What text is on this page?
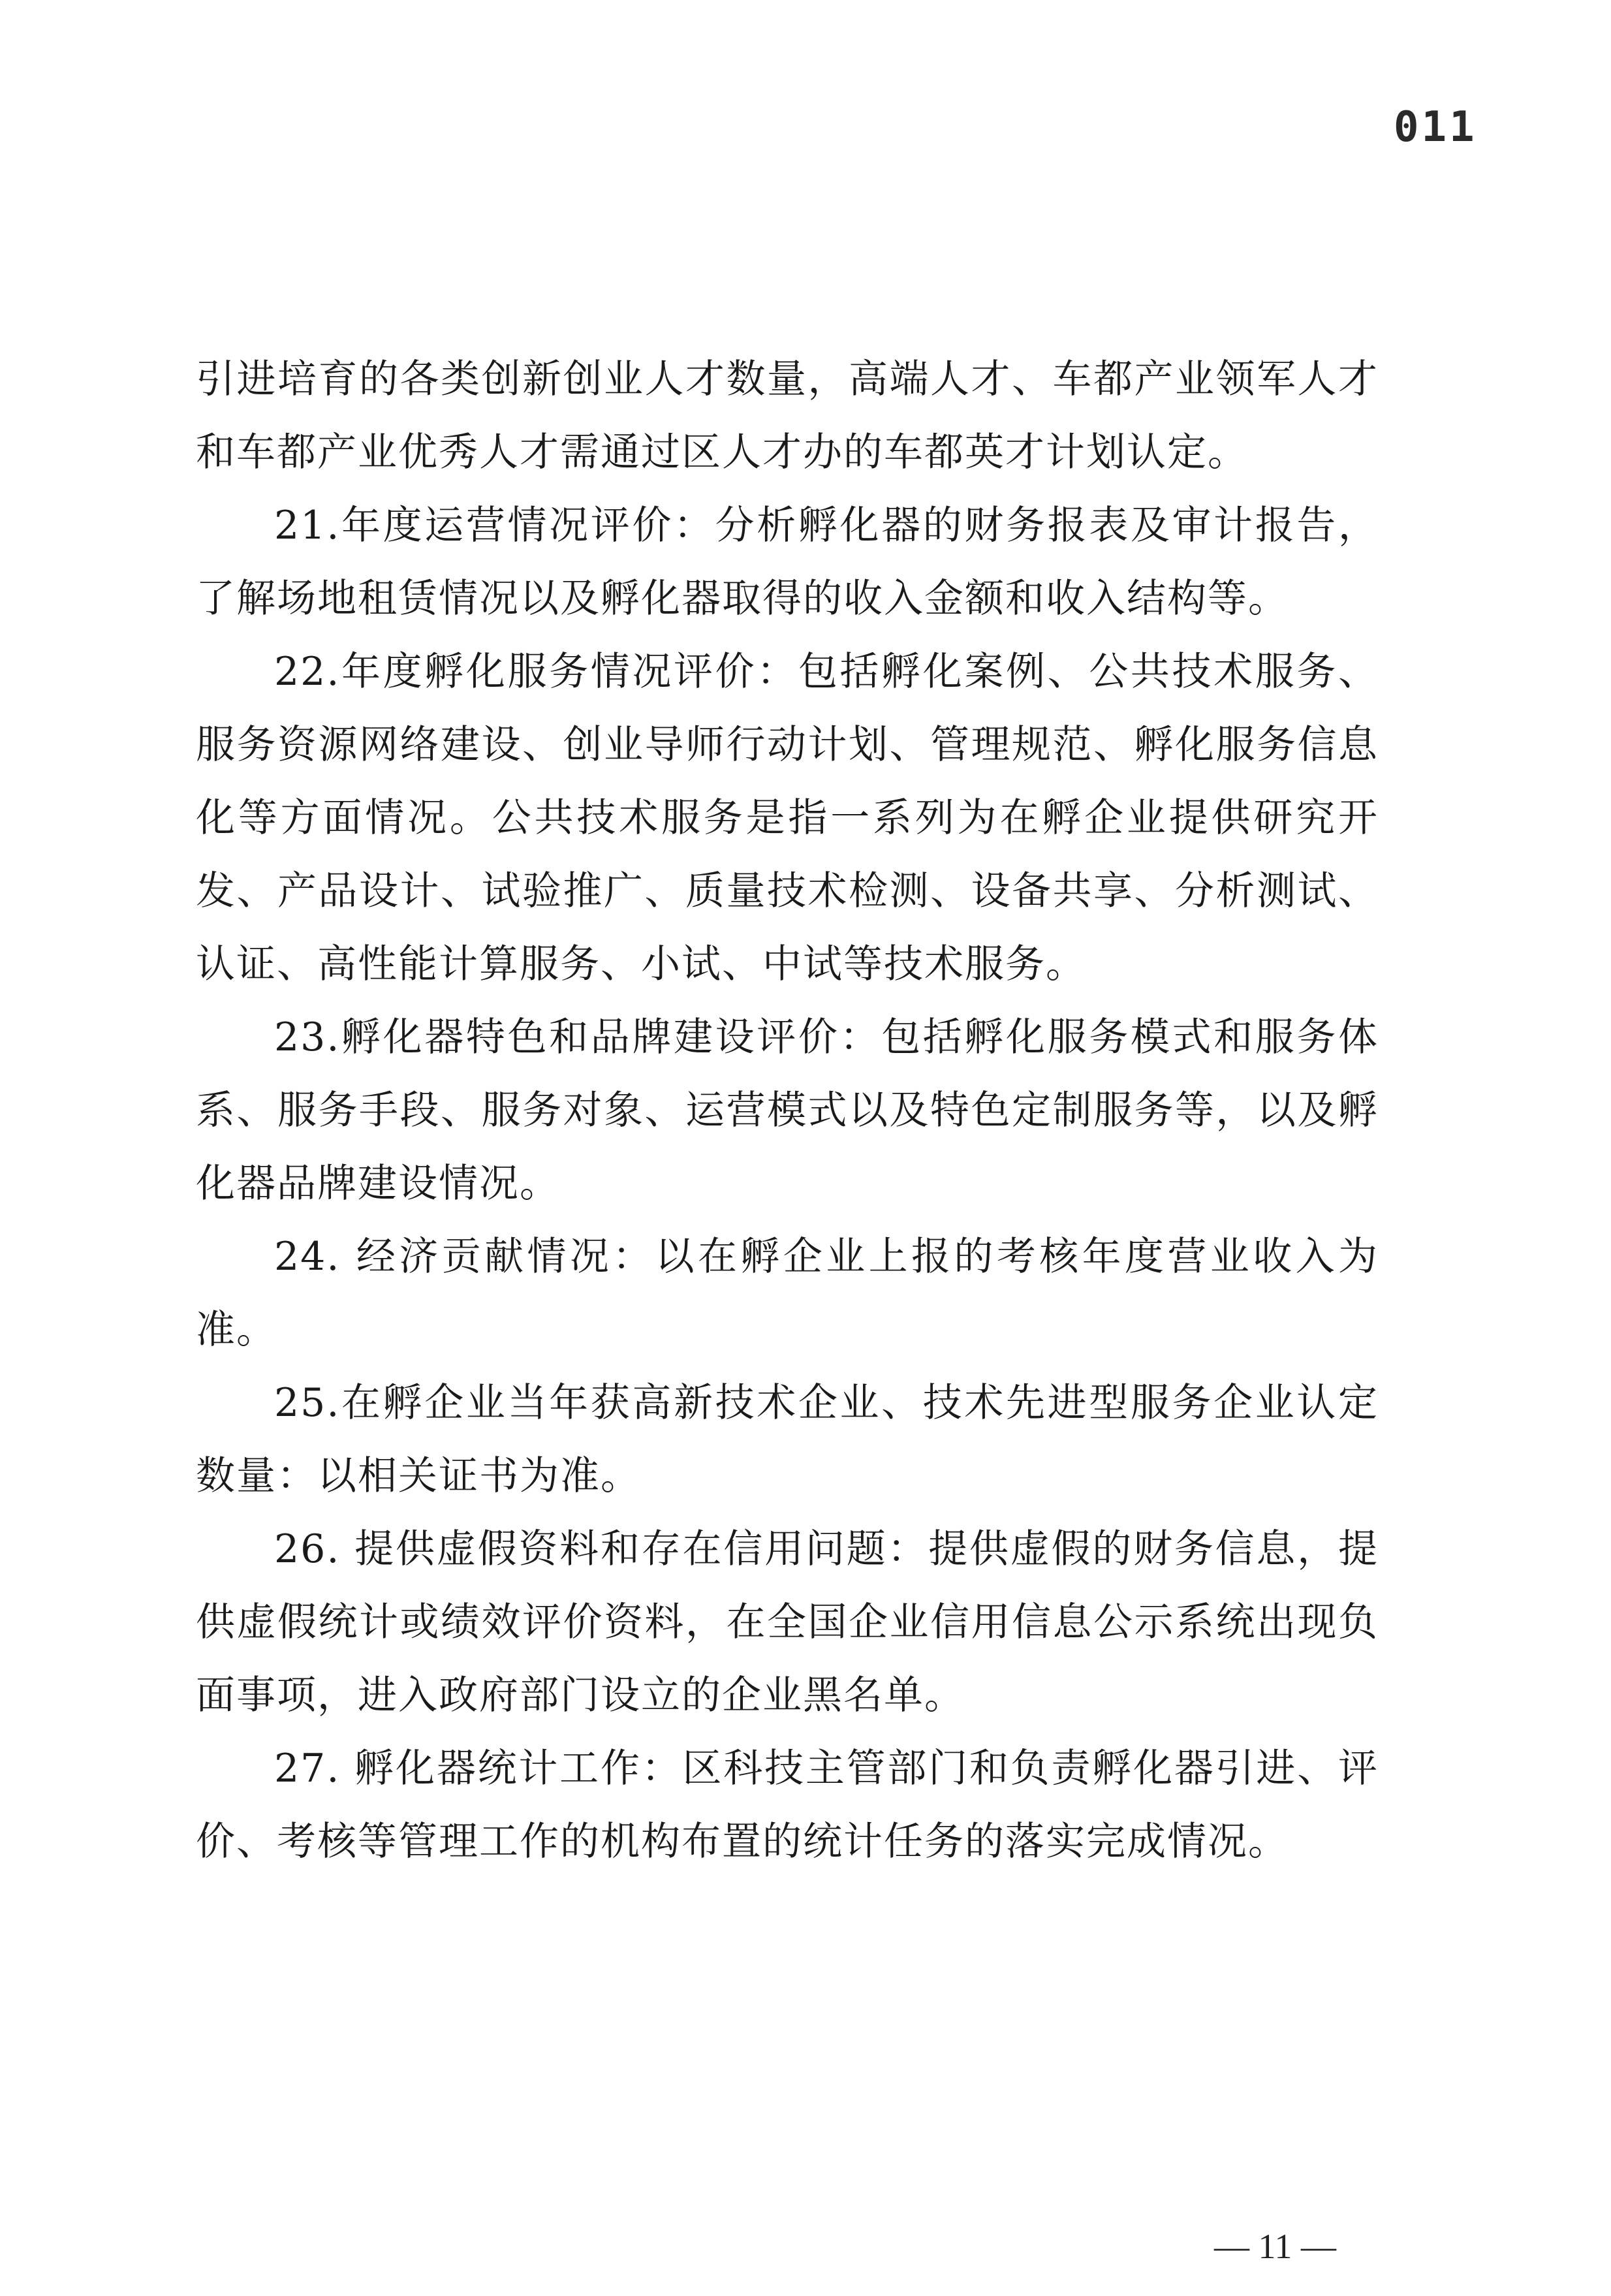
011

引进培育的各类创新创业人才数量，高端人才、车都产业领军人才和车都产业优秀人才需通过区人才办的车都英才计划认定。

21.年度运营情况评价：分析孵化器的财务报表及审计报告，了解场地租赁情况以及孵化器取得的收入金额和收入结构等。

22.年度孵化服务情况评价：包括孵化案例、公共技术服务、服务资源网络建设、创业导师行动计划、管理规范、孵化服务信息化等方面情况。公共技术服务是指一系列为在孵企业提供研究开发、产品设计、试验推广、质量技术检测、设备共享、分析测试、认证、高性能计算服务、小试、中试等技术服务。

23.孵化器特色和品牌建设评价：包括孵化服务模式和服务体系、服务手段、服务对象、运营模式以及特色定制服务等，以及孵化器品牌建设情况。

24. 经济贡献情况：以在孵企业上报的考核年度营业收入为准。

25.在孵企业当年获高新技术企业、技术先进型服务企业认定数量：以相关证书为准。

26. 提供虚假资料和存在信用问题：提供虚假的财务信息，提供虚假统计或绩效评价资料，在全国企业信用信息公示系统出现负面事项，进入政府部门设立的企业黑名单。

27. 孵化器统计工作：区科技主管部门和负责孵化器引进、评价、考核等管理工作的机构布置的统计任务的落实完成情况。

— 11 —
